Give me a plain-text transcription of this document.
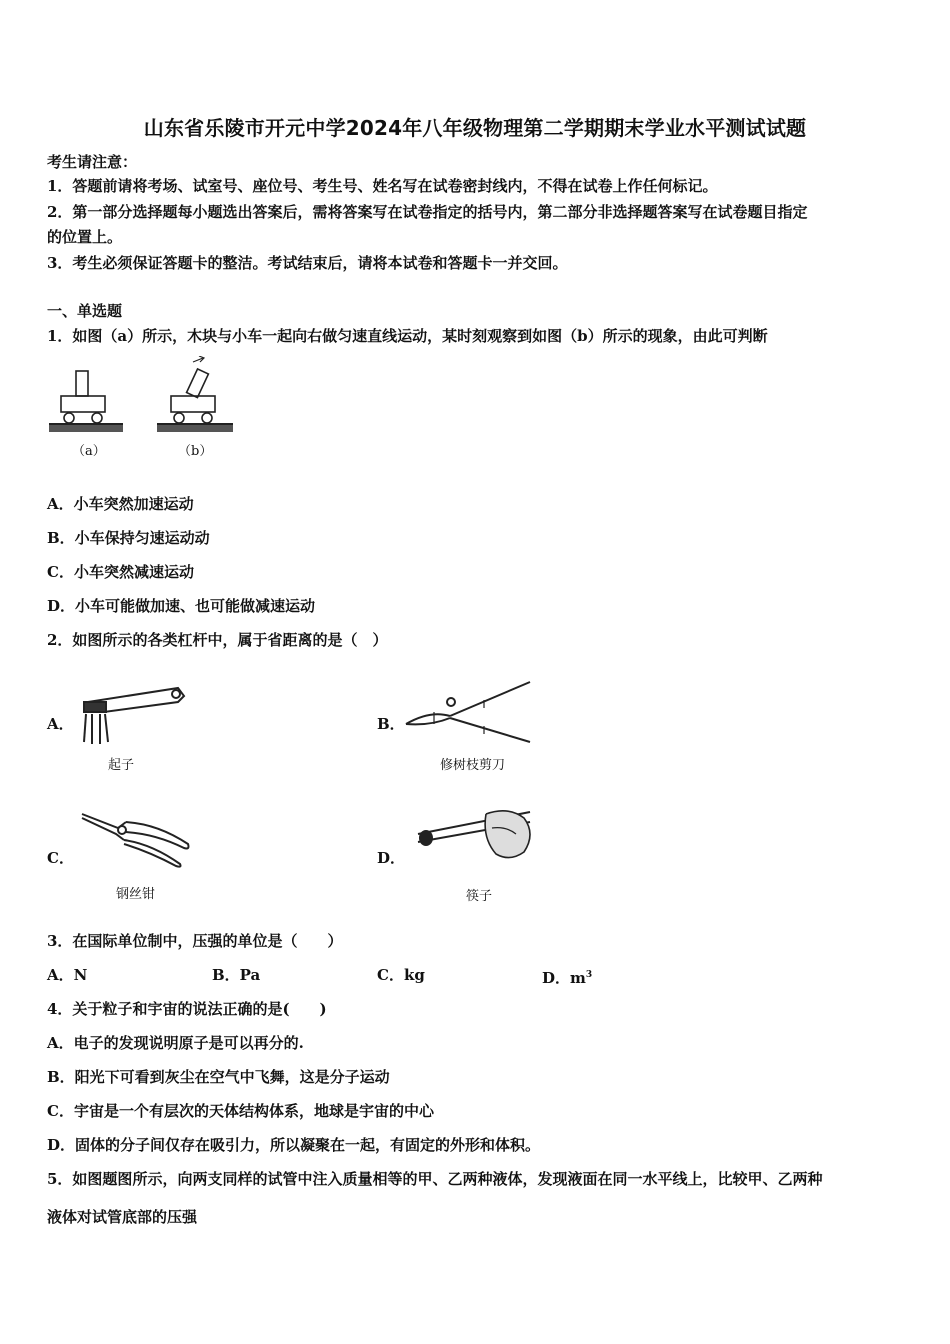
山东省乐陵市开元中学2024年八年级物理第二学期期末学业水平测试试题
考生请注意：
1．答题前请将考场、试室号、座位号、考生号、姓名写在试卷密封线内，不得在试卷上作任何标记。
2．第一部分选择题每小题选出答案后，需将答案写在试卷指定的括号内，第二部分非选择题答案写在试卷题目指定
的位置上。
3．考生必须保证答题卡的整洁。考试结束后，请将本试卷和答题卡一并交回。
一、单选题
1．如图（a）所示，木块与小车一起向右做匀速直线运动，某时刻观察到如图（b）所示的现象，由此可判断
（a）	（b）
A．小车突然加速运动
B．小车保持匀速运动动
C．小车突然减速运动
D．小车可能做加速、也可能做减速运动
2．如图所示的各类杠杆中，属于省距离的是（　）
A．
起子
B．
修树枝剪刀
C．
钢丝钳
D．
筷子
3．在国际单位制中，压强的单位是（　　）
A．N	B．Pa	C．kg	D．$m^3$
4．关于粒子和宇宙的说法正确的是(　　)
A．电子的发现说明原子是可以再分的.
B．阳光下可看到灰尘在空气中飞舞，这是分子运动
C．宇宙是一个有层次的天体结构体系，地球是宇宙的中心
D．固体的分子间仅存在吸引力，所以凝聚在一起，有固定的外形和体积。
5．如图题图所示，向两支同样的试管中注入质量相等的甲、乙两种液体，发现液面在同一水平线上，比较甲、乙两种
液体对试管底部的压强
